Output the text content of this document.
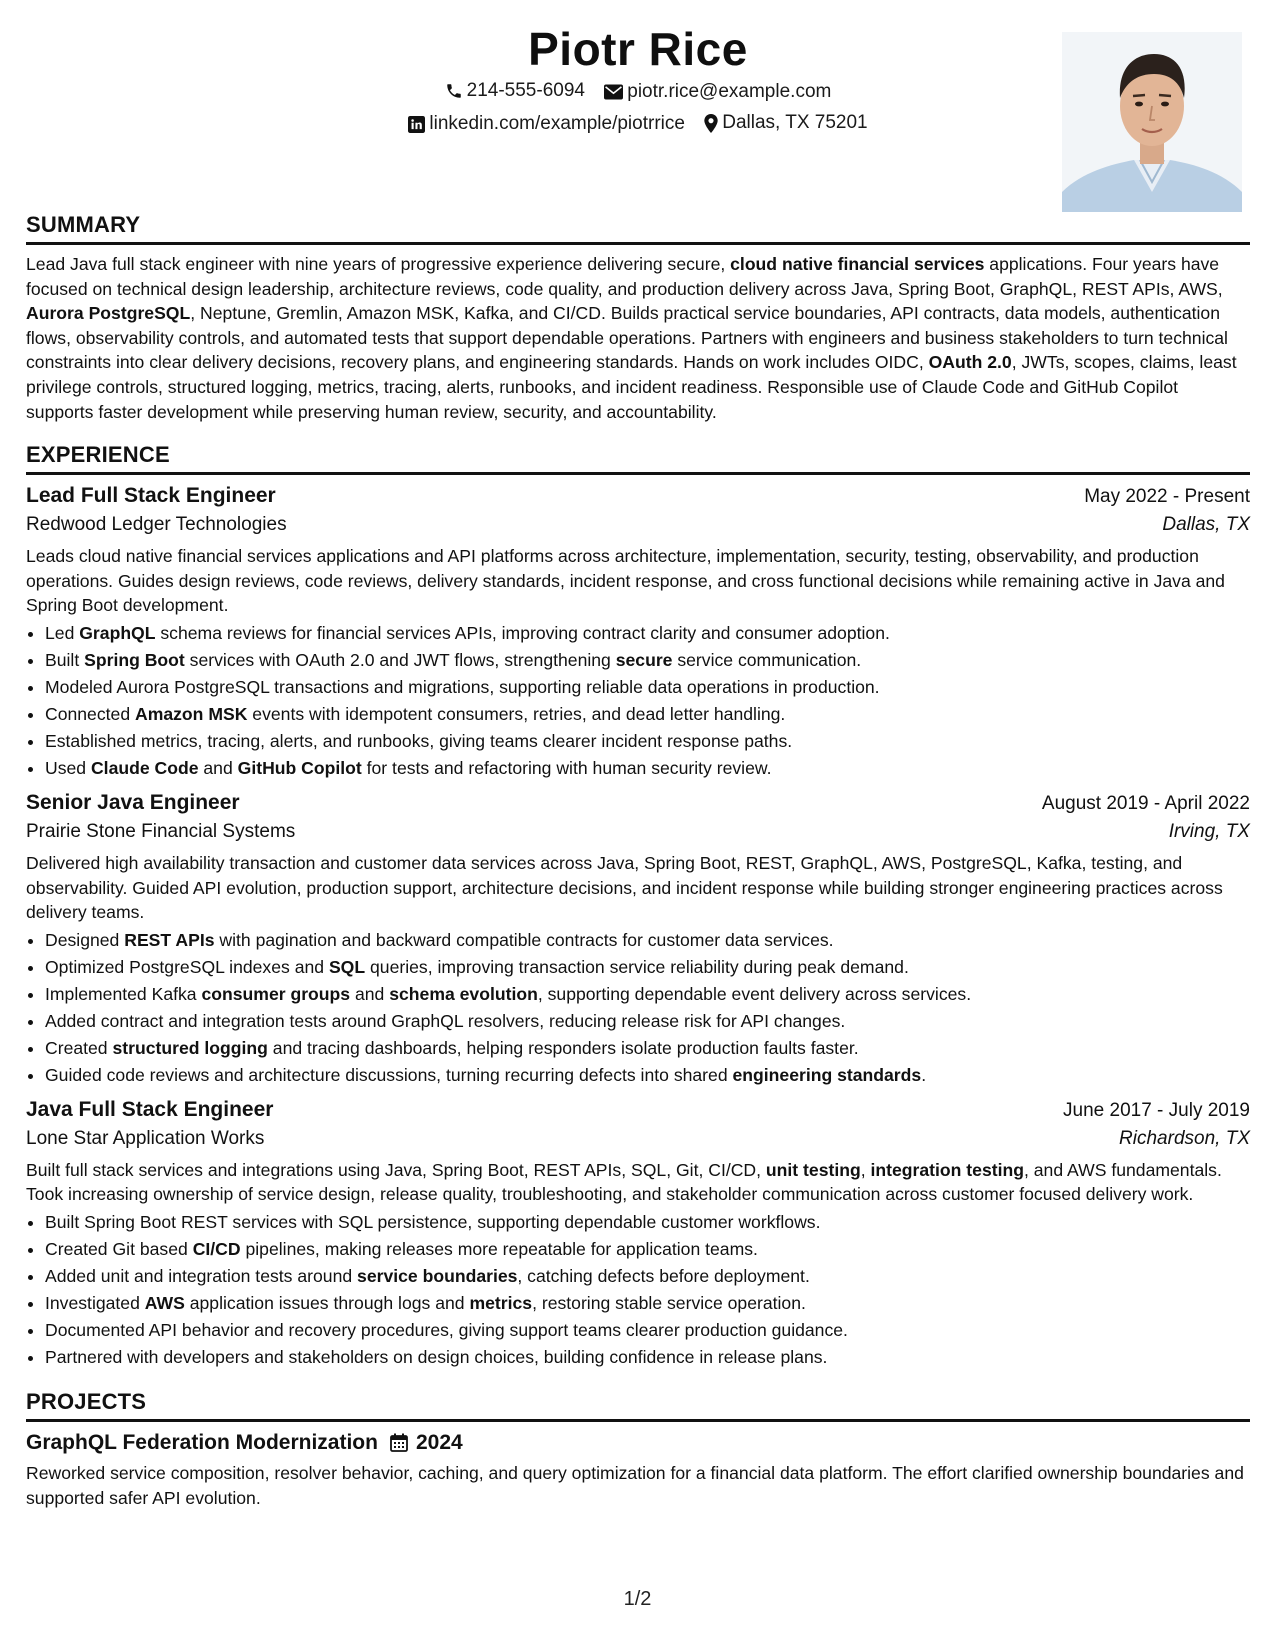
Piotr Rice
214-555-6094
piotr.rice@example.com
linkedin.com/example/piotrrice
Dallas, TX 75201
SUMMARY

Lead Java full stack engineer with nine years of progressive experience delivering secure, cloud native financial services applications. Four years have focused on technical design leadership, architecture reviews, code quality, and production delivery across Java, Spring Boot, GraphQL, REST APIs, AWS, Aurora PostgreSQL, Neptune, Gremlin, Amazon MSK, Kafka, and CI/CD. Builds practical service boundaries, API contracts, data models, authentication flows, observability controls, and automated tests that support dependable operations. Partners with engineers and business stakeholders to turn technical constraints into clear delivery decisions, recovery plans, and engineering standards. Hands on work includes OIDC, OAuth 2.0, JWTs, scopes, claims, least privilege controls, structured logging, metrics, tracing, alerts, runbooks, and incident readiness. Responsible use of Claude Code and GitHub Copilot supports faster development while preserving human review, security, and accountability.

EXPERIENCE
Lead Full Stack Engineer	May 2022 - Present
Redwood Ledger Technologies	Dallas, TX

Leads cloud native financial services applications and API platforms across architecture, implementation, security, testing, observability, and production operations. Guides design reviews, code reviews, delivery standards, incident response, and cross functional decisions while remaining active in Java and Spring Boot development.

• Led GraphQL schema reviews for financial services APIs, improving contract clarity and consumer adoption.
• Built Spring Boot services with OAuth 2.0 and JWT flows, strengthening secure service communication.
• Modeled Aurora PostgreSQL transactions and migrations, supporting reliable data operations in production.
• Connected Amazon MSK events with idempotent consumers, retries, and dead letter handling.
• Established metrics, tracing, alerts, and runbooks, giving teams clearer incident response paths.
• Used Claude Code and GitHub Copilot for tests and refactoring with human security review.
Senior Java Engineer	August 2019 - April 2022
Prairie Stone Financial Systems	Irving, TX

Delivered high availability transaction and customer data services across Java, Spring Boot, REST, GraphQL, AWS, PostgreSQL, Kafka, testing, and observability. Guided API evolution, production support, architecture decisions, and incident response while building stronger engineering practices across delivery teams.

• Designed REST APIs with pagination and backward compatible contracts for customer data services.
• Optimized PostgreSQL indexes and SQL queries, improving transaction service reliability during peak demand.
• Implemented Kafka consumer groups and schema evolution, supporting dependable event delivery across services.
• Added contract and integration tests around GraphQL resolvers, reducing release risk for API changes.
• Created structured logging and tracing dashboards, helping responders isolate production faults faster.
• Guided code reviews and architecture discussions, turning recurring defects into shared engineering standards.
Java Full Stack Engineer	June 2017 - July 2019
Lone Star Application Works	Richardson, TX

Built full stack services and integrations using Java, Spring Boot, REST APIs, SQL, Git, CI/CD, unit testing, integration testing, and AWS fundamentals. Took increasing ownership of service design, release quality, troubleshooting, and stakeholder communication across customer focused delivery work.

• Built Spring Boot REST services with SQL persistence, supporting dependable customer workflows.
• Created Git based CI/CD pipelines, making releases more repeatable for application teams.
• Added unit and integration tests around service boundaries, catching defects before deployment.
• Investigated AWS application issues through logs and metrics, restoring stable service operation.
• Documented API behavior and recovery procedures, giving support teams clearer production guidance.
• Partnered with developers and stakeholders on design choices, building confidence in release plans.
PROJECTS
GraphQL Federation Modernization 2024

Reworked service composition, resolver behavior, caching, and query optimization for a financial data platform. The effort clarified ownership boundaries and supported safer API evolution.

1/2
